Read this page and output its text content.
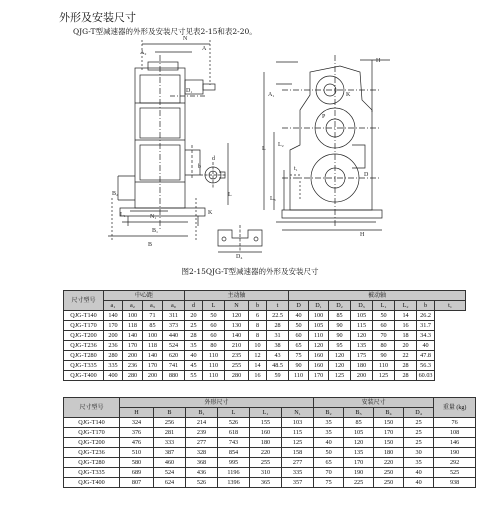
外形及安装尺寸
QJG-T型减速器的外形及安装尺寸见表2-15和表2-20。
A₂
N
A
D₁
d
L
b
K
L₁	N₁
B₁
B
B₂
D₄
A₁
L₂
L
L₃
H
K
P
H
t₁
D
图2-15QJG-T型减速器的外形及安装尺寸
尺寸型号	中心距				主动轴					被动轴							
	a₁	a₂	a₃	a₀	d	L	N	b	t	D	D₁	D₂	D₃	L₁	L₂	b	t₁
QJG-T140	140	100	71	311	20	50	120	6	22.5	40	100	85	105	50	14	26.2	
QJG-T170	170	118	85	373	25	60	130	8	28	50	105	90	115	60	16	31.7	
QJG-T200	200	140	100	440	28	60	140	8	31	60	110	90	120	70	18	34.3	
QJG-T236	236	170	118	524	35	80	210	10	38	65	120	95	135	80	20	40	
QJG-T280	280	200	140	620	40	110	235	12	43	75	160	120	175	90	22	47.8	
QJG-T335	335	236	170	741	45	110	255	14	48.5	90	160	120	180	110	28	56.3	
QJG-T400	400	280	200	880	55	110	280	16	59	110	170	125	200	125	28	60.03	
尺寸型号	外形尺寸						安装尺寸				重量 (kg)
	H	B	B₁	L	L₁	N₁	B₂	B₃	B₄	D₄	
QJG-T140	324	256	214	526	155	103	35	85	150	25	76
QJG-T170	376	281	239	618	160	115	35	105	170	25	108
QJG-T200	476	333	277	743	180	125	40	120	150	25	146
QJG-T236	510	387	328	854	220	158	50	135	180	30	190
QJG-T280	580	460	368	995	255	277	65	170	220	35	292
QJG-T335	689	524	436	1196	310	335	70	190	250	40	525
QJG-T400	807	624	526	1396	365	357	75	225	250	40	938
